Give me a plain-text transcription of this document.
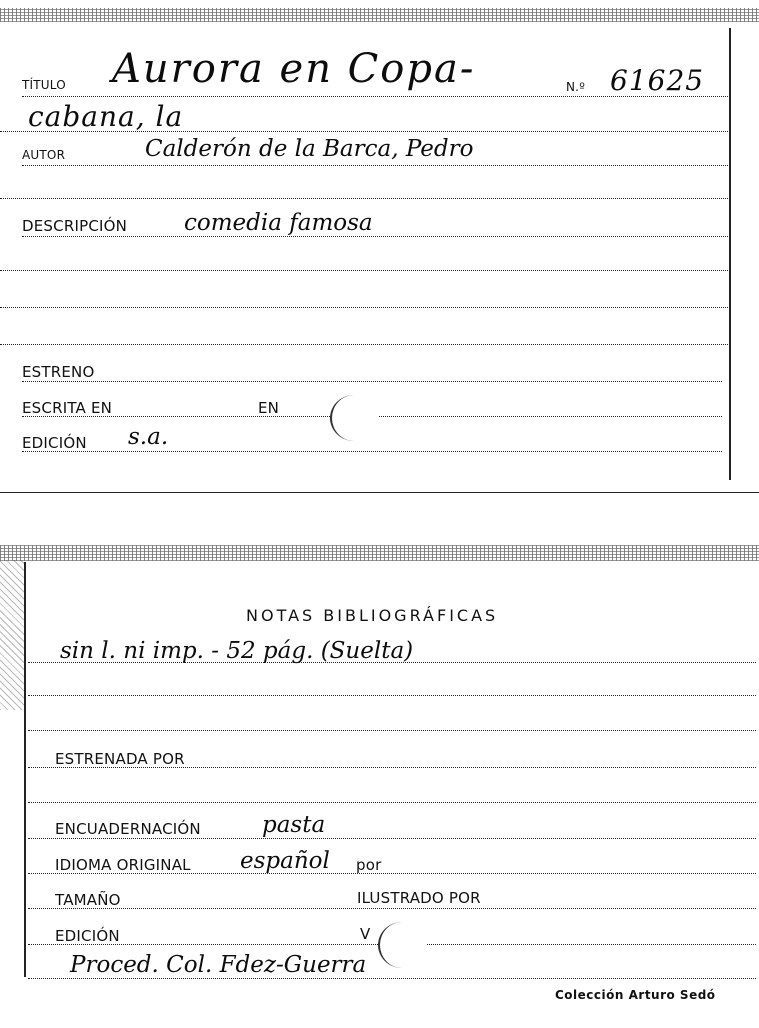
TÍTULO Aurora en Copa-	N.º 61625
cabana, la
AUTOR	Calderón de la Barca, Pedro
DESCRIPCIÓN comedia famosa
ESTRENO
ESCRITA EN	EN
EDICIÓN s.a.
NOTAS BIBLIOGRÁFICAS
sin l. ni imp. - 52 pág. (Suelta)
ESTRENADA POR
ENCUADERNACIÓN	pasta
IDIOMA ORIGINAL español por
TAMAÑO	ILUSTRADO POR
EDICIÓN	V
Proced. Col. Fdez-Guerra
Colección Arturo Sedó
